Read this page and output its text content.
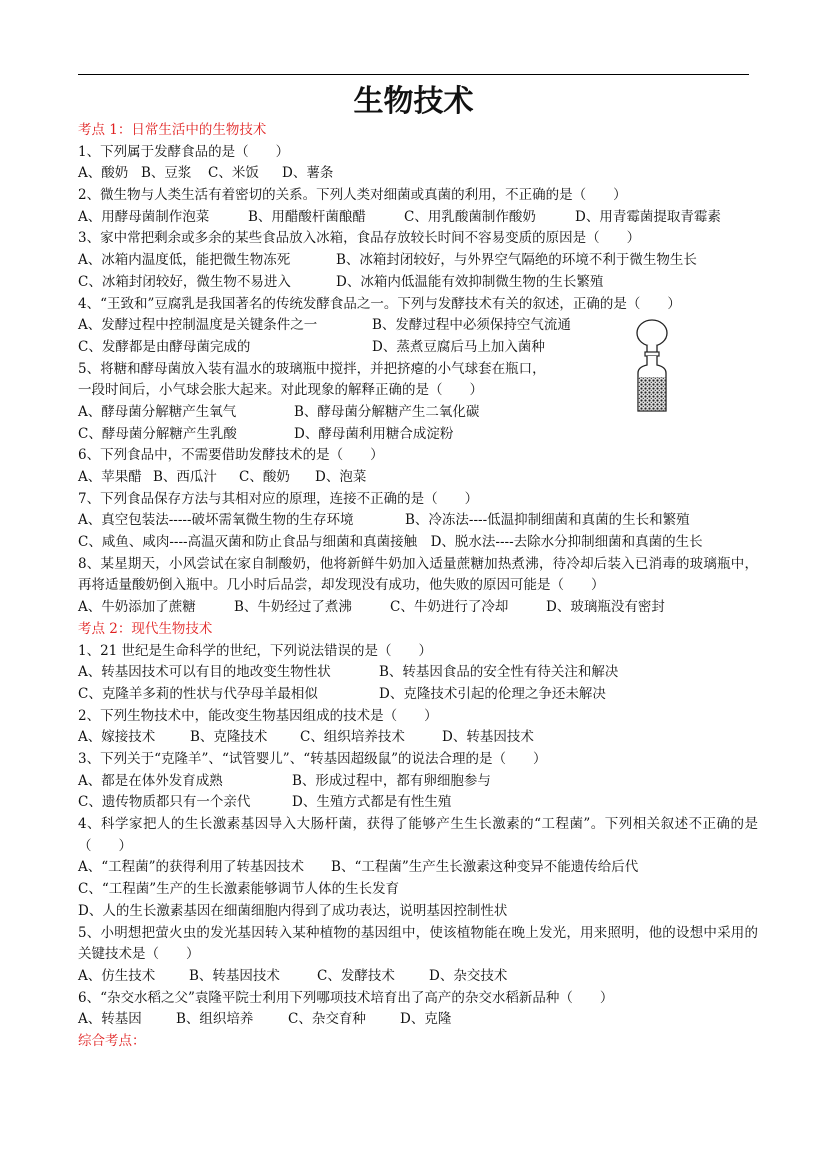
生物技术
考点 1：日常生活中的生物技术
1、下列属于发酵食品的是（　　）
A、酸奶 B、豆浆 C、米饭 D、薯条
2、微生物与人类生活有着密切的关系。下列人类对细菌或真菌的利用，不正确的是（　　）
A、用酵母菌制作泡菜	B、用醋酸杆菌酿醋	C、用乳酸菌制作酸奶	D、用青霉菌提取青霉素
3、家中常把剩余或多余的某些食品放入冰箱，食品存放较长时间不容易变质的原因是（　　）
A、冰箱内温度低，能把微生物冻死	B、冰箱封闭较好，与外界空气隔绝的环境不利于微生物生长
C、冰箱封闭较好，微生物不易进入	D、冰箱内低温能有效抑制微生物的生长繁殖
4、“王致和”豆腐乳是我国著名的传统发酵食品之一。下列与发酵技术有关的叙述，正确的是（　　）
A、发酵过程中控制温度是关键条件之一	B、发酵过程中必须保持空气流通
C、发酵都是由酵母菌完成的	D、蒸煮豆腐后马上加入菌种
5、将糖和酵母菌放入装有温水的玻璃瓶中搅拌，并把挤瘪的小气球套在瓶口，
一段时间后，小气球会胀大起来。对此现象的解释正确的是（　　）
A、酵母菌分解糖产生氧气	B、酵母菌分解糖产生二氧化碳
C、酵母菌分解糖产生乳酸	D、酵母菌利用糖合成淀粉
6、下列食品中，不需要借助发酵技术的是（　　）
A、苹果醋 B、西瓜汁 C、酸奶 D、泡菜
7、下列食品保存方法与其相对应的原理，连接不正确的是（　　）
A、真空包装法-----破坏需氧微生物的生存环境	B、冷冻法----低温抑制细菌和真菌的生长和繁殖
C、咸鱼、咸肉----高温灭菌和防止食品与细菌和真菌接触　D、脱水法----去除水分抑制细菌和真菌的生长
8、某星期天，小风尝试在家自制酸奶，他将新鲜牛奶加入适量蔗糖加热煮沸，待冷却后装入已消毒的玻璃瓶中，再将适量酸奶倒入瓶中。几小时后品尝，却发现没有成功，他失败的原因可能是（　　）
A、牛奶添加了蔗糖	B、牛奶经过了煮沸	C、牛奶进行了冷却	D、玻璃瓶没有密封
考点 2：现代生物技术
1、21 世纪是生命科学的世纪，下列说法错误的是（　　）
A、转基因技术可以有目的地改变生物性状	B、转基因食品的安全性有待关注和解决
C、克隆羊多莉的性状与代孕母羊最相似	D、克隆技术引起的伦理之争还未解决
2、下列生物技术中，能改变生物基因组成的技术是（　　）
A、嫁接技术	B、克隆技术 C、组织培养技术	D、转基因技术
3、下列关于“克隆羊”、“试管婴儿”、“转基因超级鼠”的说法合理的是（　　）
A、都是在体外发育成熟	B、形成过程中，都有卵细胞参与
C、遗传物质都只有一个亲代	D、生殖方式都是有性生殖
4、科学家把人的生长激素基因导入大肠杆菌，获得了能够产生生长激素的“工程菌”。下列相关叙述不正确的是（　　）
A、“工程菌”的获得利用了转基因技术　　B、“工程菌”生产生长激素这种变异不能遗传给后代
C、“工程菌”生产的生长激素能够调节人体的生长发育
D、人的生长激素基因在细菌细胞内得到了成功表达，说明基因控制性状
5、小明想把萤火虫的发光基因转入某种植物的基因组中，使该植物能在晚上发光，用来照明，他的设想中采用的关键技术是（　　）
A、仿生技术	B、转基因技术	C、发酵技术	D、杂交技术
6、“杂交水稻之父”袁隆平院士利用下列哪项技术培育出了高产的杂交水稻新品种（　　）
A、转基因	B、组织培养	C、杂交育种	D、克隆
综合考点：
